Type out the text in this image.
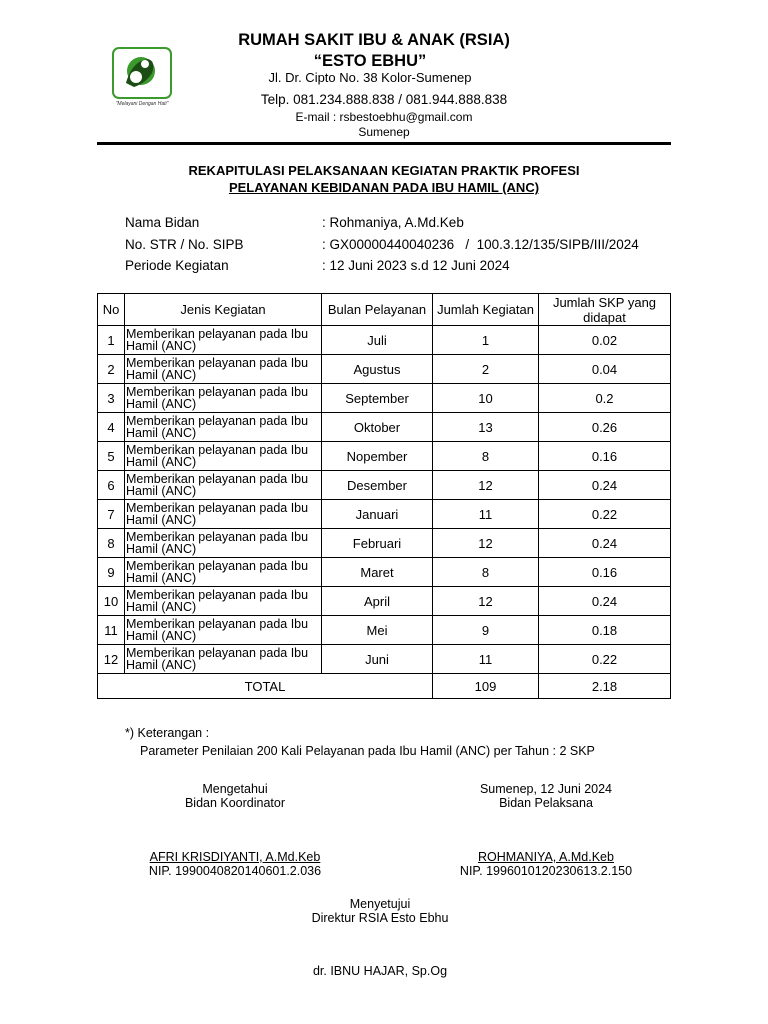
"Melayani Dengan Hati"
RUMAH SAKIT IBU & ANAK (RSIA)
“ESTO EBHU”
Jl. Dr. Cipto No. 38 Kolor-Sumenep
Telp. 081.234.888.838 / 081.944.888.838
E-mail : rsbestoebhu@gmail.com
Sumenep
REKAPITULASI PELAKSANAAN KEGIATAN PRAKTIK PROFESI
PELAYANAN KEBIDANAN PADA IBU HAMIL (ANC)
Nama Bidan	: Rohmaniya, A.Md.Keb
No. STR / No. SIPB	: GX00000440040236   /  100.3.12/135/SIPB/III/2024
Periode Kegiatan	: 12 Juni 2023 s.d 12 Juni 2024
No	Jenis Kegiatan	Bulan Pelayanan	Jumlah Kegiatan	Jumlah SKP yang didapat
1	Memberikan pelayanan pada Ibu Hamil (ANC)	Juli	1	0.02
2	Memberikan pelayanan pada Ibu Hamil (ANC)	Agustus	2	0.04
3	Memberikan pelayanan pada Ibu Hamil (ANC)	September	10	0.2
4	Memberikan pelayanan pada Ibu Hamil (ANC)	Oktober	13	0.26
5	Memberikan pelayanan pada Ibu Hamil (ANC)	Nopember	8	0.16
6	Memberikan pelayanan pada Ibu Hamil (ANC)	Desember	12	0.24
7	Memberikan pelayanan pada Ibu Hamil (ANC)	Januari	11	0.22
8	Memberikan pelayanan pada Ibu Hamil (ANC)	Februari	12	0.24
9	Memberikan pelayanan pada Ibu Hamil (ANC)	Maret	8	0.16
10	Memberikan pelayanan pada Ibu Hamil (ANC)	April	12	0.24
11	Memberikan pelayanan pada Ibu Hamil (ANC)	Mei	9	0.18
12	Memberikan pelayanan pada Ibu Hamil (ANC)	Juni	11	0.22
TOTAL			109	2.18
*) Keterangan :
Parameter Penilaian 200 Kali Pelayanan pada Ibu Hamil (ANC) per Tahun : 2 SKP
Mengetahui
Bidan Koordinator
AFRI KRISDIYANTI, A.Md.Keb
NIP. 1990040820140601.2.036
Sumenep, 12 Juni 2024
Bidan Pelaksana
ROHMANIYA, A.Md.Keb
NIP. 1996010120230613.2.150
Menyetujui
Direktur RSIA Esto Ebhu
dr. IBNU HAJAR, Sp.Og
